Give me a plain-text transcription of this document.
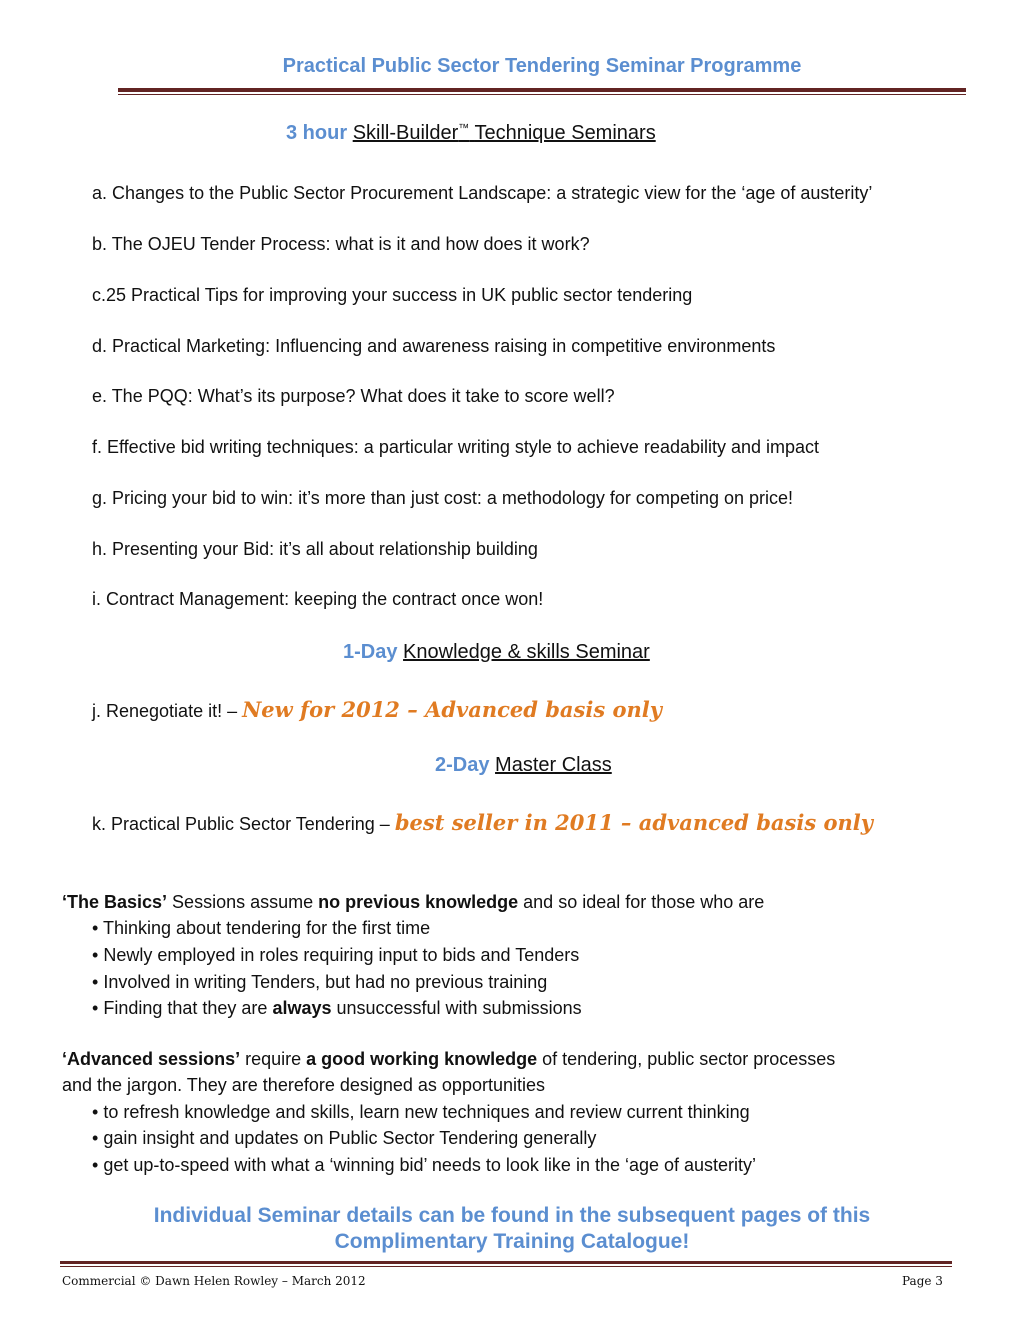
Practical Public Sector Tendering Seminar Programme
3 hour Skill-Builder™ Technique Seminars
a. Changes to the Public Sector Procurement Landscape: a strategic view for the ‘age of austerity’
b. The OJEU Tender Process: what is it and how does it work?
c.25 Practical Tips for improving your success in UK public sector tendering
d. Practical Marketing: Influencing and awareness raising in competitive environments
e. The PQQ: What’s its purpose? What does it take to score well?
f. Effective bid writing techniques: a particular writing style to achieve readability and impact
g. Pricing your bid to win: it’s more than just cost: a methodology for competing on price!
h. Presenting your Bid: it’s all about relationship building
i. Contract Management: keeping the contract once won!
1-Day Knowledge & skills Seminar
j. Renegotiate it! – New for 2012 – Advanced basis only
2-Day Master Class
k. Practical Public Sector Tendering – best seller in 2011 – advanced basis only
‘The Basics’ Sessions assume no previous knowledge and so ideal for those who are
• Thinking about tendering for the first time
• Newly employed in roles requiring input to bids and Tenders
• Involved in writing Tenders, but had no previous training
• Finding that they are always unsuccessful with submissions
‘Advanced sessions’ require a good working knowledge of tendering, public sector processes
and the jargon. They are therefore designed as opportunities
• to refresh knowledge and skills, learn new techniques and review current thinking
• gain insight and updates on Public Sector Tendering generally
• get up-to-speed with what a ‘winning bid’ needs to look like in the ‘age of austerity’
Individual Seminar details can be found in the subsequent pages of this
Complimentary Training Catalogue!
Commercial © Dawn Helen Rowley – March 2012	Page 3
